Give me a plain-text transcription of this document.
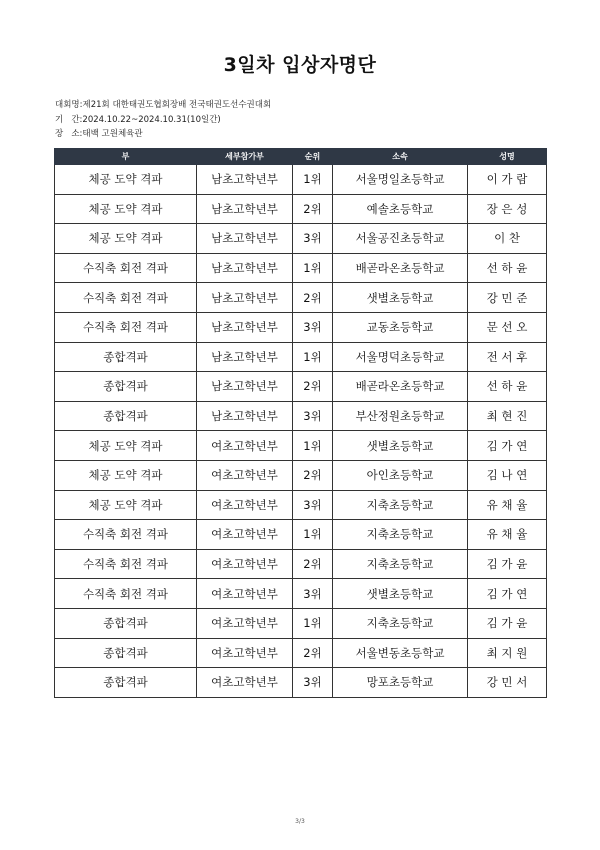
3일차 입상자명단
대회명:제21회 대한태권도협회장배 전국태권도선수권대회
기   간:2024.10.22~2024.10.31(10일간)
장   소:태백 고원체육관
부	세부참가부	순위	소속	성명
체공 도약 격파	남초고학년부	1위	서울명일초등학교	이 가 람
체공 도약 격파	남초고학년부	2위	예솔초등학교	장 은 성
체공 도약 격파	남초고학년부	3위	서울공진초등학교	이 찬
수직축 회전 격파	남초고학년부	1위	배곧라온초등학교	선 하 윤
수직축 회전 격파	남초고학년부	2위	샛별초등학교	강 민 준
수직축 회전 격파	남초고학년부	3위	교동초등학교	문 선 오
종합격파	남초고학년부	1위	서울명덕초등학교	전 서 후
종합격파	남초고학년부	2위	배곧라온초등학교	선 하 윤
종합격파	남초고학년부	3위	부산정원초등학교	최 현 진
체공 도약 격파	여초고학년부	1위	샛별초등학교	김 가 연
체공 도약 격파	여초고학년부	2위	아인초등학교	김 나 연
체공 도약 격파	여초고학년부	3위	지축초등학교	유 채 율
수직축 회전 격파	여초고학년부	1위	지축초등학교	유 채 율
수직축 회전 격파	여초고학년부	2위	지축초등학교	김 가 윤
수직축 회전 격파	여초고학년부	3위	샛별초등학교	김 가 연
종합격파	여초고학년부	1위	지축초등학교	김 가 윤
종합격파	여초고학년부	2위	서울변동초등학교	최 지 원
종합격파	여초고학년부	3위	망포초등학교	강 민 서
3/3
